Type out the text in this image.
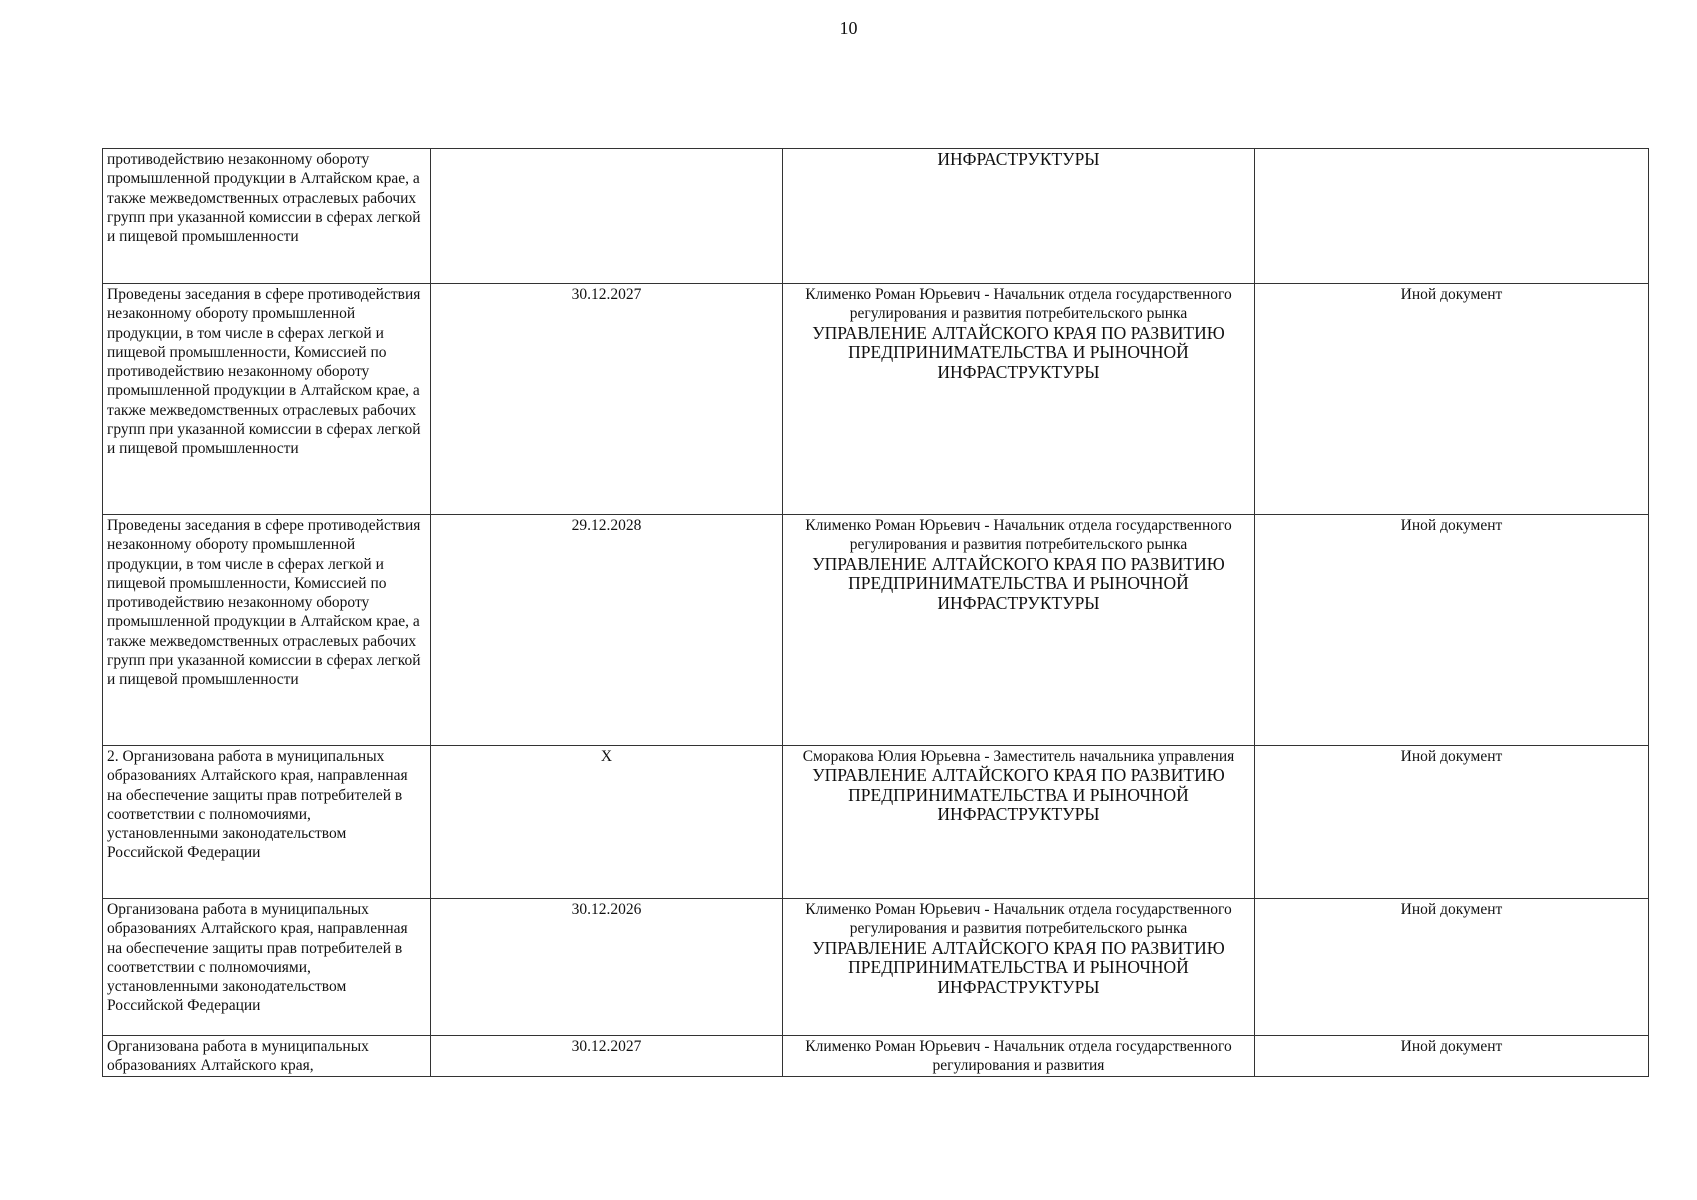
10
противодействию незаконному обороту промышленной продукции в Алтайском крае, а также межведомственных отраслевых рабочих групп при указанной комиссии в сферах легкой и пищевой промышленности		ИНФРАСТРУКТУРЫ	

Проведены заседания в сфере противодействия незаконному обороту промышленной продукции, в том числе в сферах легкой и пищевой промышленности, Комиссией по противодействию незаконному обороту промышленной продукции в Алтайском крае, а также межведомственных отраслевых рабочих групп при указанной комиссии в сферах легкой и пищевой промышленности	30.12.2027	Клименко Роман Юрьевич - Начальник отдела государственного регулирования и развития потребительского рынка
УПРАВЛЕНИЕ АЛТАЙСКОГО КРАЯ ПО РАЗВИТИЮ ПРЕДПРИНИМАТЕЛЬСТВА И РЫНОЧНОЙ ИНФРАСТРУКТУРЫ	Иной документ
Проведены заседания в сфере противодействия незаконному обороту промышленной продукции, в том числе в сферах легкой и пищевой промышленности, Комиссией по противодействию незаконному обороту промышленной продукции в Алтайском крае, а также межведомственных отраслевых рабочих групп при указанной комиссии в сферах легкой и пищевой промышленности	29.12.2028	Клименко Роман Юрьевич - Начальник отдела государственного регулирования и развития потребительского рынка
УПРАВЛЕНИЕ АЛТАЙСКОГО КРАЯ ПО РАЗВИТИЮ ПРЕДПРИНИМАТЕЛЬСТВА И РЫНОЧНОЙ ИНФРАСТРУКТУРЫ	Иной документ
2. Организована работа в муниципальных образованиях Алтайского края, направленная на обеспечение защиты прав потребителей в соответствии с полномочиями, установленными законодательством Российской Федерации	X	Сморакова Юлия Юрьевна - Заместитель начальника управления
УПРАВЛЕНИЕ АЛТАЙСКОГО КРАЯ ПО РАЗВИТИЮ ПРЕДПРИНИМАТЕЛЬСТВА И РЫНОЧНОЙ ИНФРАСТРУКТУРЫ	Иной документ
Организована работа в муниципальных образованиях Алтайского края, направленная на обеспечение защиты прав потребителей в соответствии с полномочиями, установленными законодательством Российской Федерации	30.12.2026	Клименко Роман Юрьевич - Начальник отдела государственного регулирования и развития потребительского рынка
УПРАВЛЕНИЕ АЛТАЙСКОГО КРАЯ ПО РАЗВИТИЮ ПРЕДПРИНИМАТЕЛЬСТВА И РЫНОЧНОЙ ИНФРАСТРУКТУРЫ	Иной документ
Организована работа в муниципальных образованиях Алтайского края,	30.12.2027	Клименко Роман Юрьевич - Начальник отдела государственного регулирования и развития	Иной документ
